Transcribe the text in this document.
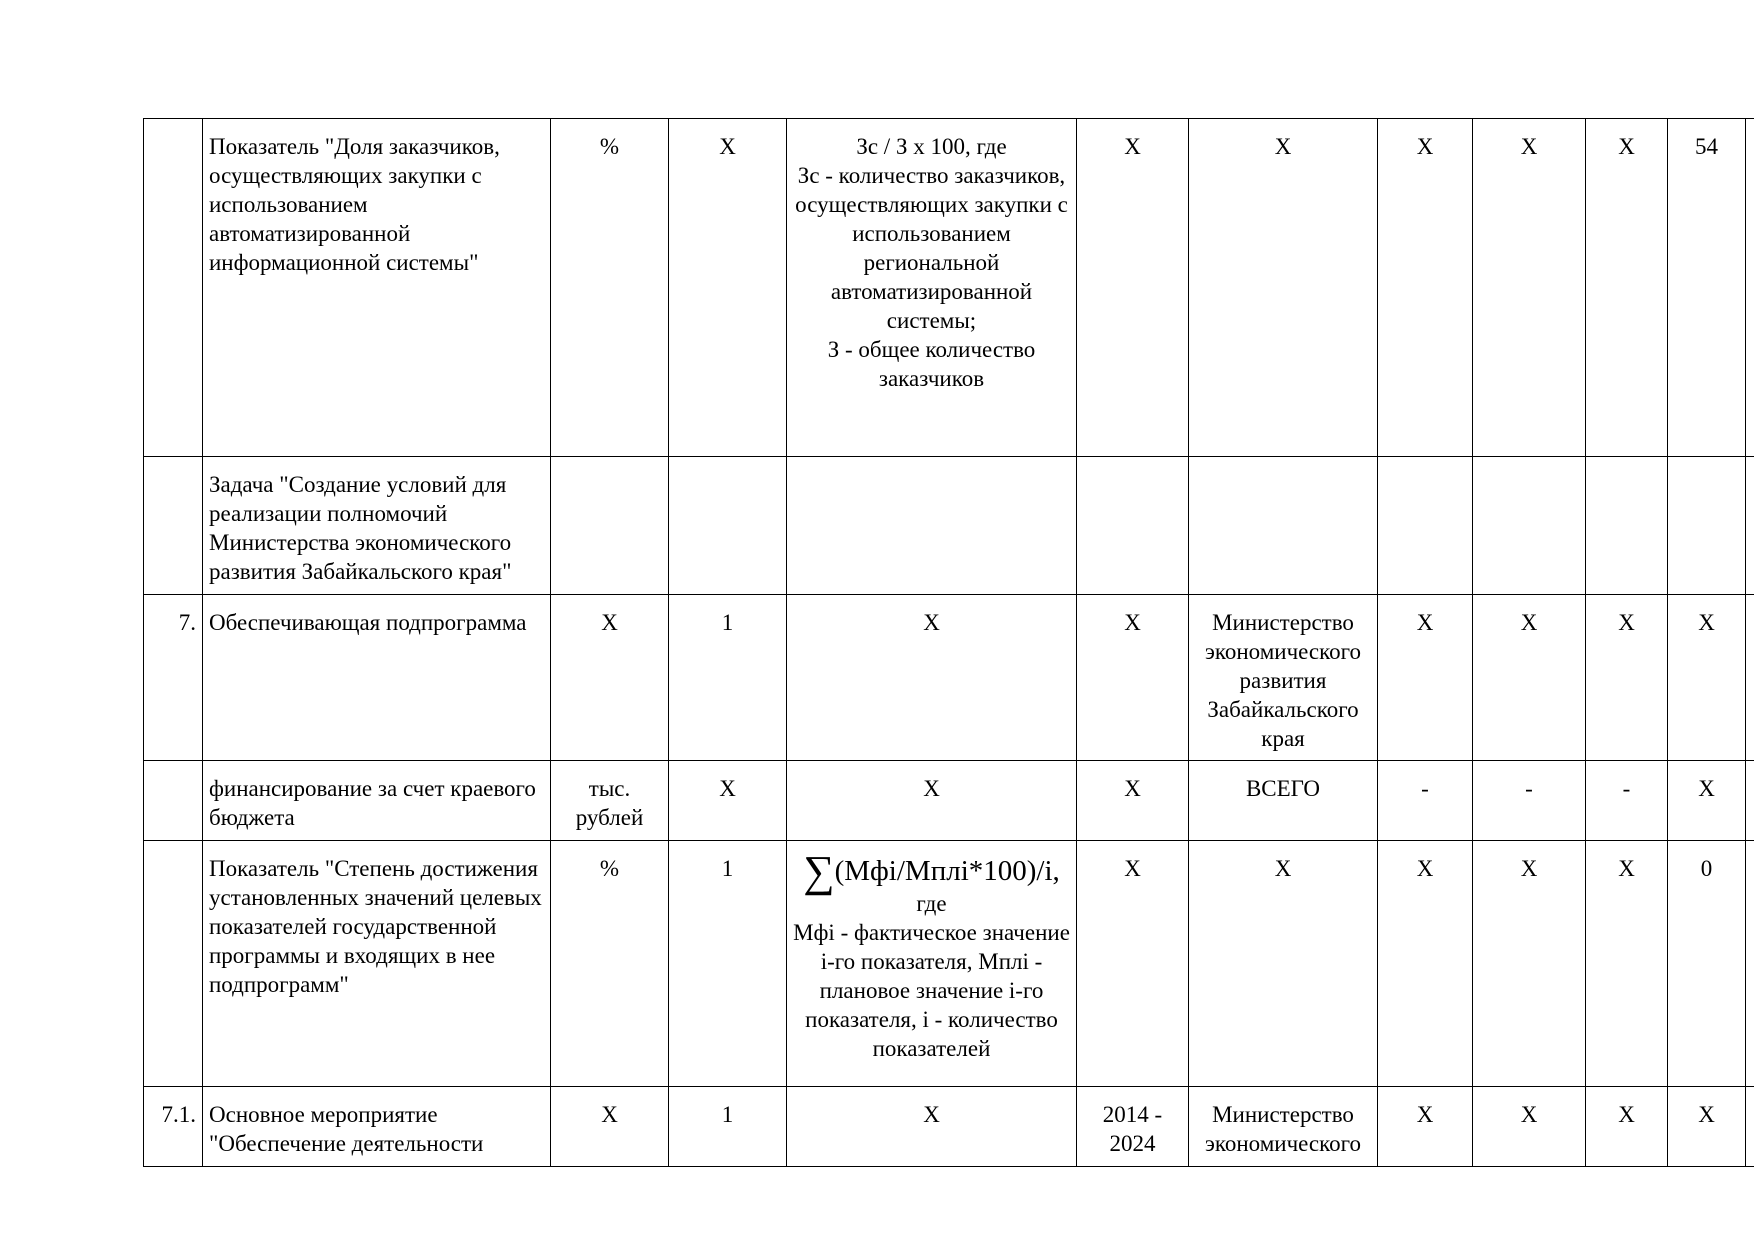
	Показатель "Доля заказчиков, осуществляющих закупки с использованием автоматизированной информационной системы"	%	Х	Зс / З х 100, где
Зс - количество заказчиков, осуществляющих закупки с использованием региональной автоматизированной системы;
З - общее количество заказчиков	Х	Х	Х	Х	Х	54	
	Задача "Создание условий для реализации полномочий Министерства экономического развития Забайкальского края"										
7.	Обеспечивающая подпрограмма	Х	1	Х	Х	Министерство экономического развития Забайкальского края	Х	Х	Х	Х	
	финансирование за счет краевого бюджета	тыс. рублей	Х	Х	Х	ВСЕГО	-	-	-	Х	
	Показатель "Степень достижения установленных значений целевых показателей государственной программы и входящих в нее подпрограмм"	%	1	∑(Мфi/Мплi*100)/i,
где
Мфi - фактическое значение i-го показателя, Мплi - плановое значение i-го показателя, i - количество показателей	Х	Х	Х	Х	Х	0	
7.1.	Основное мероприятие "Обеспечение деятельности	Х	1	Х	2014 - 2024	Министерство экономического	Х	Х	Х	Х	
